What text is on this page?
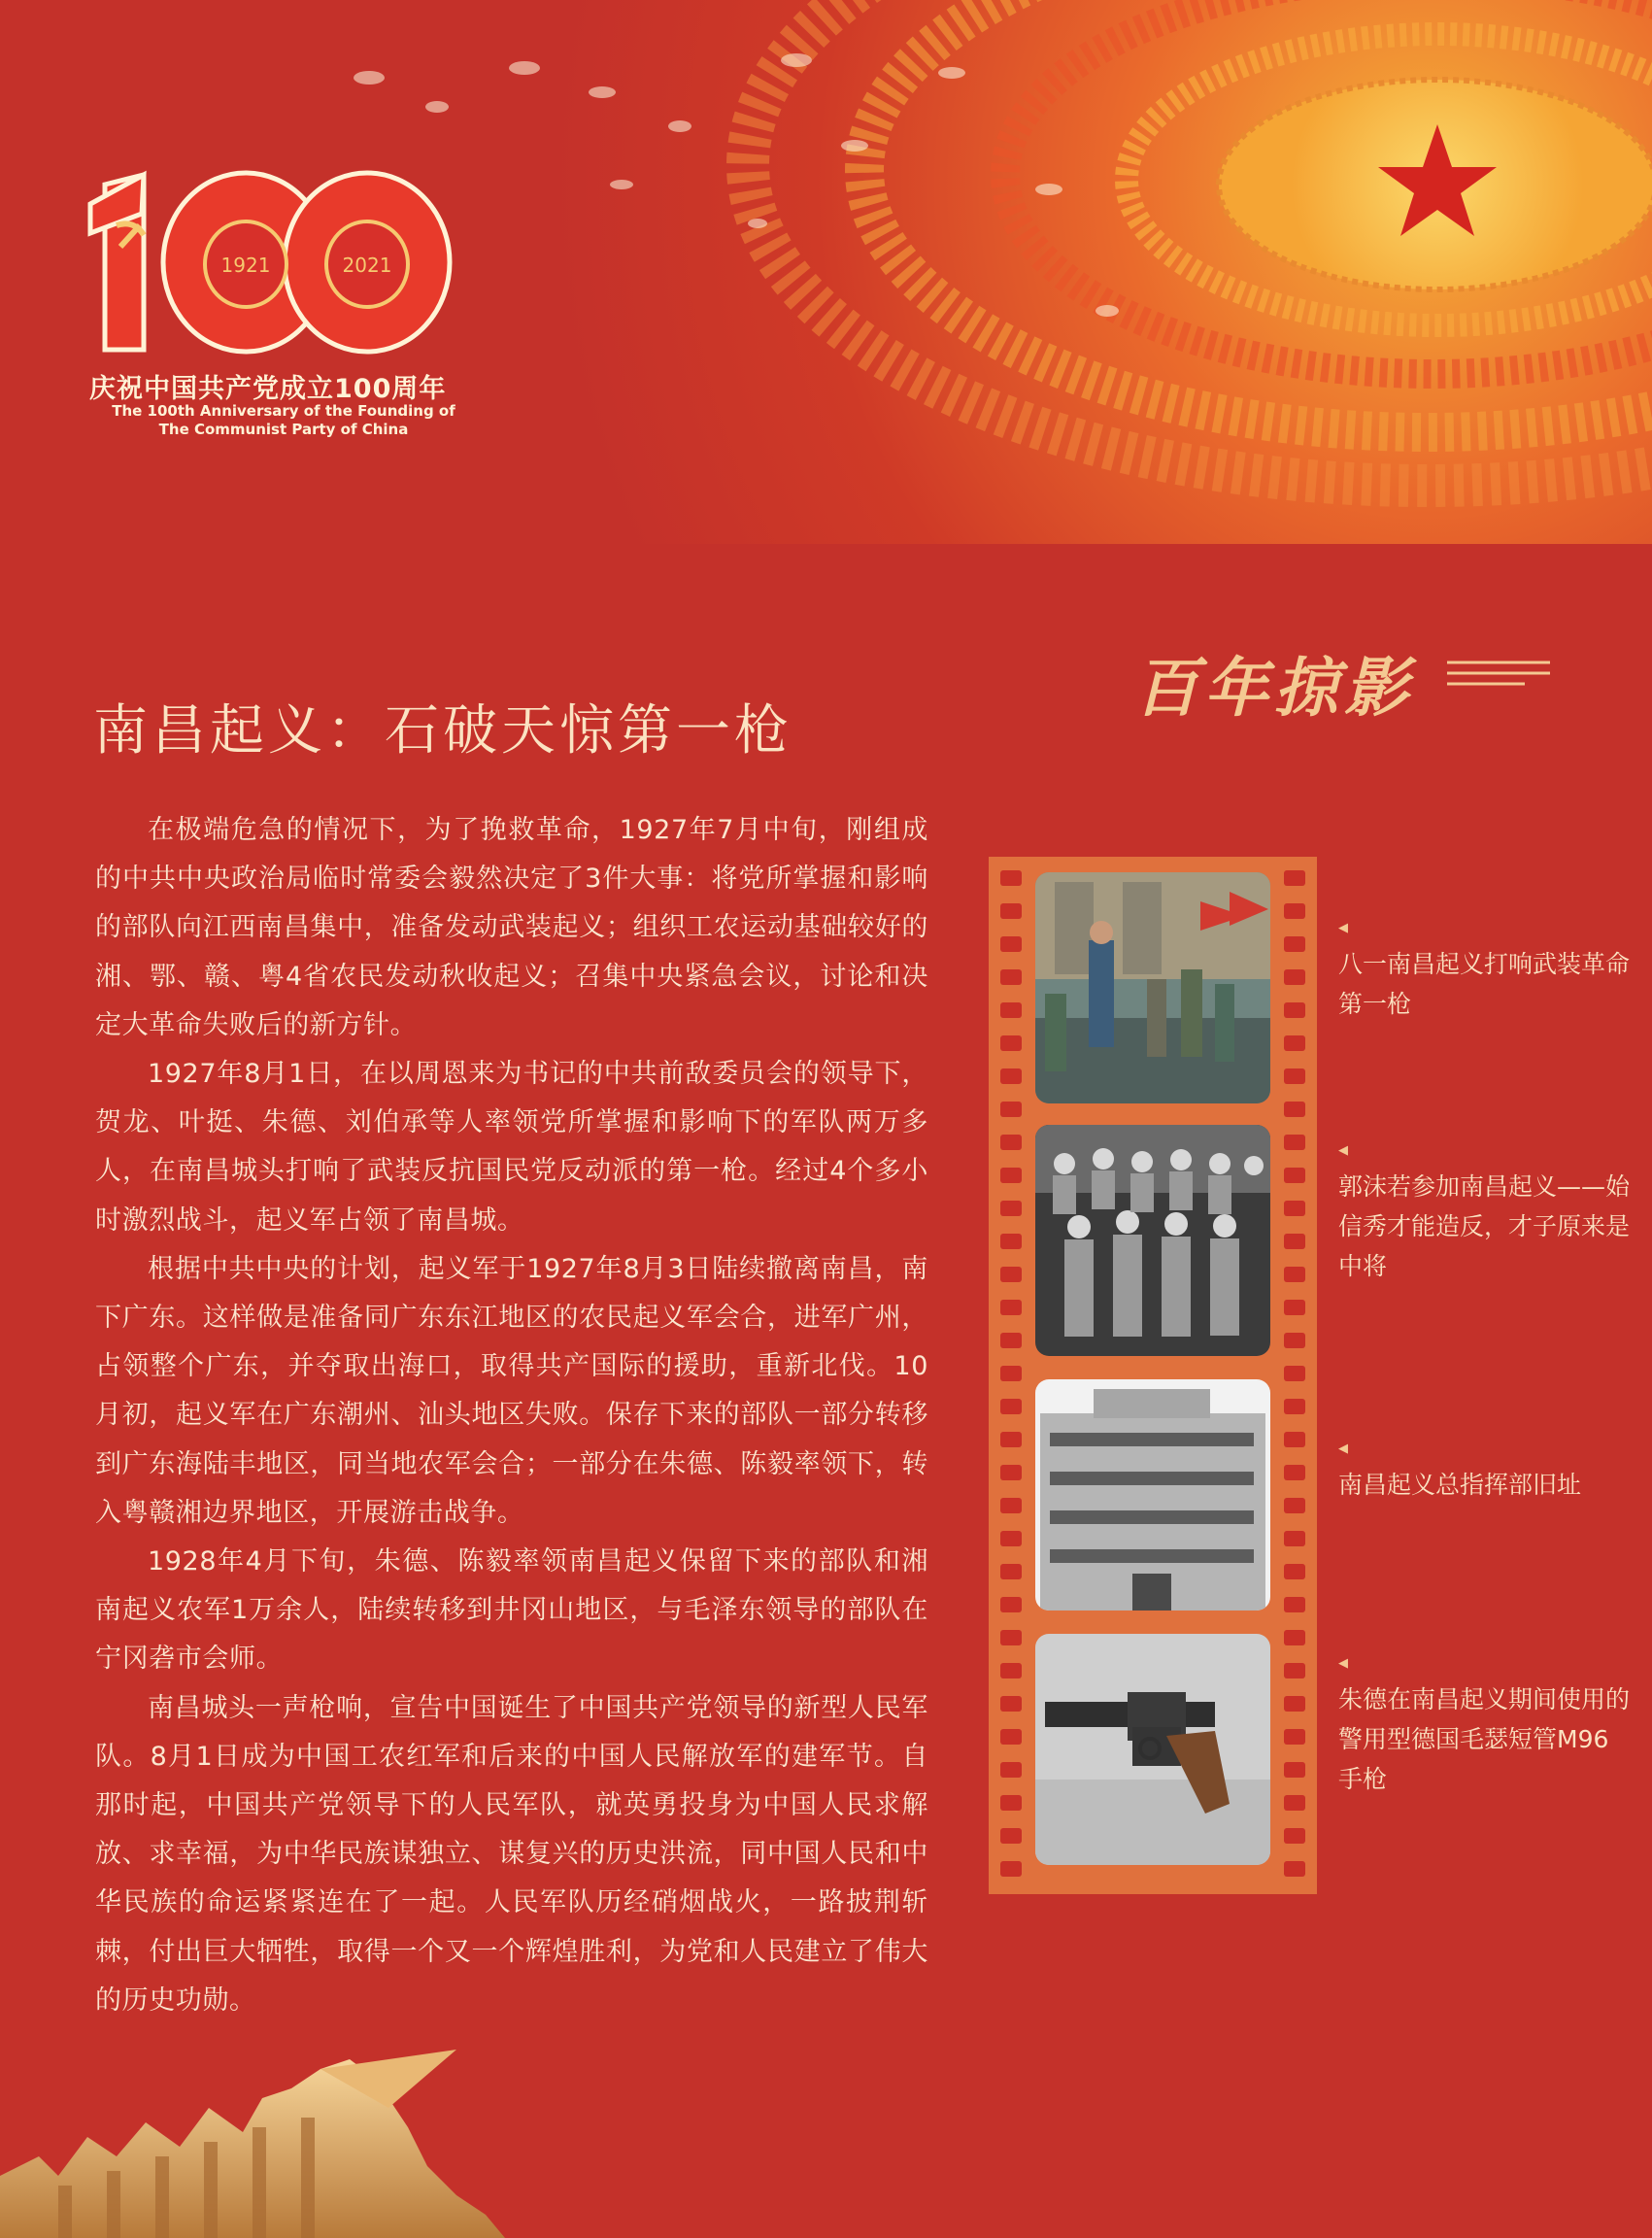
1921	2021
庆祝中国共产党成立100周年
The 100th Anniversary of the Founding of
The Communist Party of China
百年掠影
南昌起义：石破天惊第一枪

在极端危急的情况下，为了挽救革命，1927年7月中旬，刚组成的中共中央政治局临时常委会毅然决定了3件大事：将党所掌握和影响的部队向江西南昌集中，准备发动武装起义；组织工农运动基础较好的湘、鄂、赣、粤4省农民发动秋收起义；召集中央紧急会议，讨论和决定大革命失败后的新方针。

1927年8月1日，在以周恩来为书记的中共前敌委员会的领导下，贺龙、叶挺、朱德、刘伯承等人率领党所掌握和影响下的军队两万多人，在南昌城头打响了武装反抗国民党反动派的第一枪。经过4个多小时激烈战斗，起义军占领了南昌城。

根据中共中央的计划，起义军于1927年8月3日陆续撤离南昌，南下广东。这样做是准备同广东东江地区的农民起义军会合，进军广州，占领整个广东，并夺取出海口，取得共产国际的援助，重新北伐。10月初，起义军在广东潮州、汕头地区失败。保存下来的部队一部分转移到广东海陆丰地区，同当地农军会合；一部分在朱德、陈毅率领下，转入粤赣湘边界地区，开展游击战争。

1928年4月下旬，朱德、陈毅率领南昌起义保留下来的部队和湘南起义农军1万余人，陆续转移到井冈山地区，与毛泽东领导的部队在宁冈砻市会师。

南昌城头一声枪响，宣告中国诞生了中国共产党领导的新型人民军队。8月1日成为中国工农红军和后来的中国人民解放军的建军节。自那时起，中国共产党领导下的人民军队，就英勇投身为中国人民求解放、求幸福，为中华民族谋独立、谋复兴的历史洪流，同中国人民和中华民族的命运紧紧连在了一起。人民军队历经硝烟战火，一路披荆斩棘，付出巨大牺牲，取得一个又一个辉煌胜利，为党和人民建立了伟大的历史功勋。

◀
八一南昌起义打响武装革命第一枪
◀
郭沫若参加南昌起义——始信秀才能造反，才子原来是中将
◀
南昌起义总指挥部旧址
◀
朱德在南昌起义期间使用的警用型德国毛瑟短管M96手枪
